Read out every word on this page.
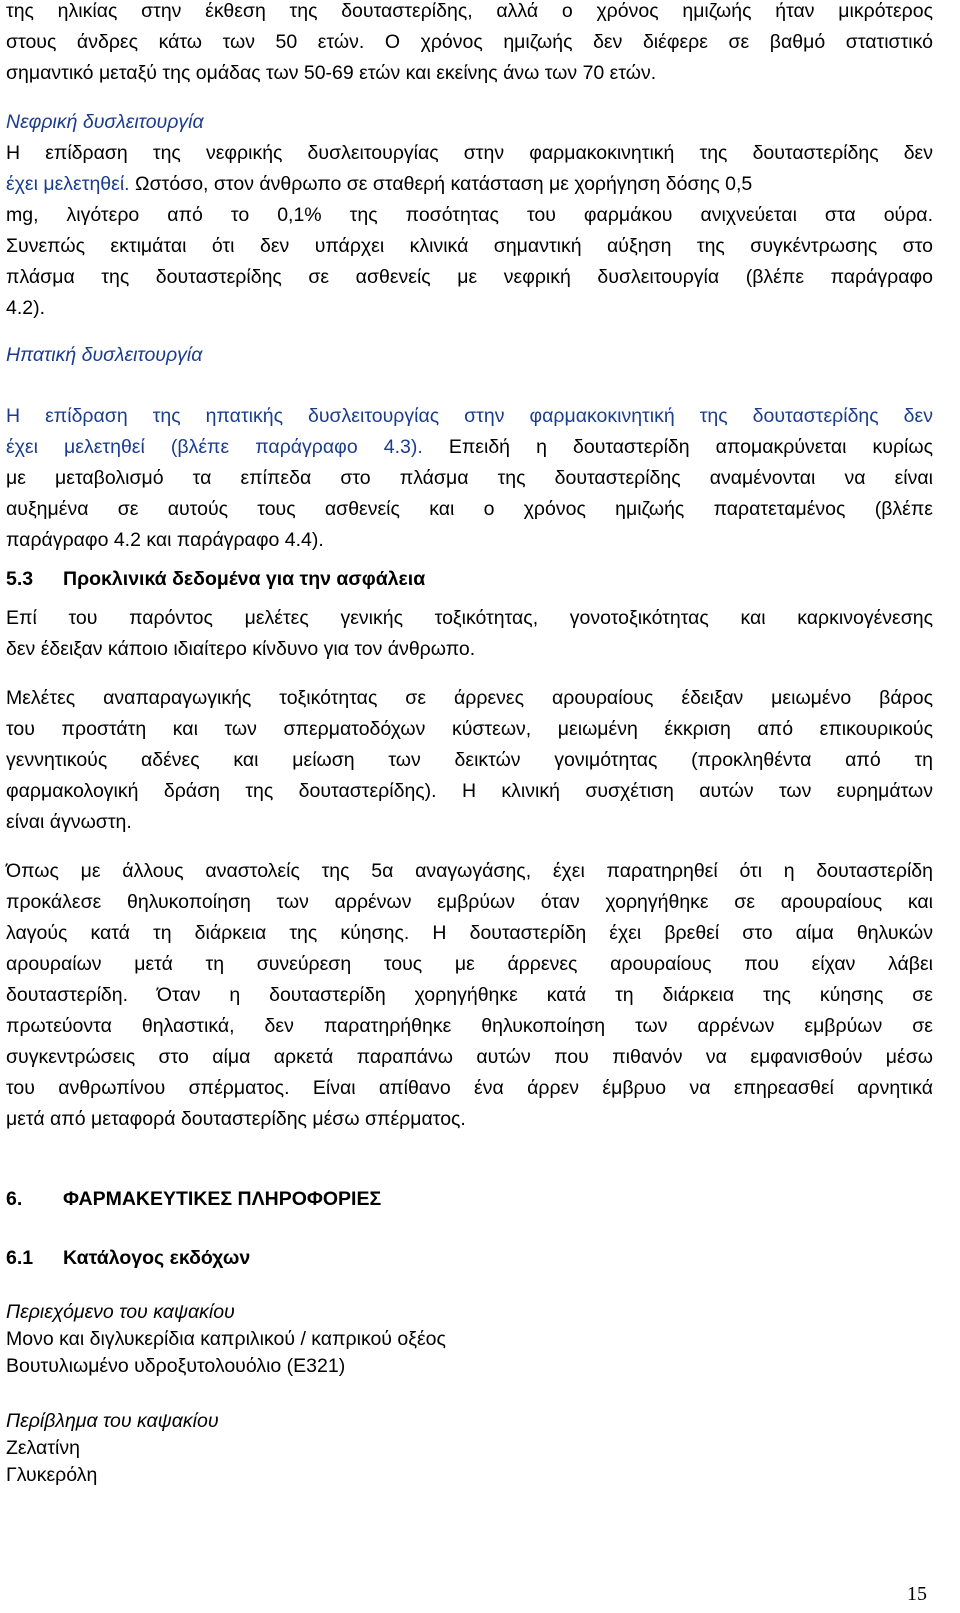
της ηλικίας στην έκθεση της δουταστερίδης, αλλά ο χρόνος ημιζωής ήταν μικρότερος
στους άνδρες κάτω των 50 ετών. Ο χρόνος ημιζωής δεν διέφερε σε βαθμό στατιστικό
σημαντικό μεταξύ της ομάδας των 50-69 ετών και εκείνης άνω των 70 ετών.
Νεφρική δυσλειτουργία
Η επίδραση της νεφρικής δυσλειτουργίας στην φαρμακοκινητική της δουταστερίδης δεν
έχει μελετηθεί. Ωστόσο, στον άνθρωπο σε σταθερή κατάσταση με χορήγηση δόσης 0,5
mg, λιγότερο από το 0,1% της ποσότητας του φαρμάκου ανιχνεύεται στα ούρα.
Συνεπώς εκτιμάται ότι δεν υπάρχει κλινικά σημαντική αύξηση της συγκέντρωσης στο
πλάσμα της δουταστερίδης σε ασθενείς με νεφρική δυσλειτουργία (βλέπε παράγραφο
4.2).
Ηπατική δυσλειτουργία
Η επίδραση της ηπατικής δυσλειτουργίας στην φαρμακοκινητική της δουταστερίδης δεν
έχει μελετηθεί (βλέπε παράγραφο 4.3). Επειδή η δουταστερίδη απομακρύνεται κυρίως
με μεταβολισμό τα επίπεδα στο πλάσμα της δουταστερίδης αναμένονται να είναι
αυξημένα σε αυτούς τους ασθενείς και ο χρόνος ημιζωής παρατεταμένος (βλέπε
παράγραφο 4.2 και παράγραφο 4.4).
5.3 Προκλινικά δεδομένα για την ασφάλεια
Επί του παρόντος μελέτες γενικής τοξικότητας, γονοτοξικότητας και καρκινογένεσης
δεν έδειξαν κάποιο ιδιαίτερο κίνδυνο για τον άνθρωπο.
Μελέτες αναπαραγωγικής τοξικότητας σε άρρενες αρουραίους έδειξαν μειωμένο βάρος
του προστάτη και των σπερματοδόχων κύστεων, μειωμένη έκκριση από επικουρικούς
γεννητικούς αδένες και μείωση των δεικτών γονιμότητας (προκληθέντα από τη
φαρμακολογική δράση της δουταστερίδης). Η κλινική συσχέτιση αυτών των ευρημάτων
είναι άγνωστη.
Όπως με άλλους αναστολείς της 5α αναγωγάσης, έχει παρατηρηθεί ότι η δουταστερίδη
προκάλεσε θηλυκοποίηση των αρρένων εμβρύων όταν χορηγήθηκε σε αρουραίους και
λαγούς κατά τη διάρκεια της κύησης. Η δουταστερίδη έχει βρεθεί στο αίμα θηλυκών
αρουραίων μετά τη συνεύρεση τους με άρρενες αρουραίους που είχαν λάβει
δουταστερίδη. Όταν η δουταστερίδη χορηγήθηκε κατά τη διάρκεια της κύησης σε
πρωτεύοντα θηλαστικά, δεν παρατηρήθηκε θηλυκοποίηση των αρρένων εμβρύων σε
συγκεντρώσεις στο αίμα αρκετά παραπάνω αυτών που πιθανόν να εμφανισθούν μέσω
του ανθρωπίνου σπέρματος. Είναι απίθανο ένα άρρεν έμβρυο να επηρεασθεί αρνητικά
μετά από μεταφορά δουταστερίδης μέσω σπέρματος.
6. ΦΑΡΜΑΚΕΥΤΙΚΕΣ ΠΛΗΡΟΦΟΡΙΕΣ
6.1 Κατάλογος εκδόχων
Περιεχόμενο του καψακίου
Μονο και διγλυκερίδια καπριλικού / καπρικού οξέος
Βουτυλιωμένο υδροξυτολουόλιο (Ε321)
Περίβλημα του καψακίου
Ζελατίνη
Γλυκερόλη
15
